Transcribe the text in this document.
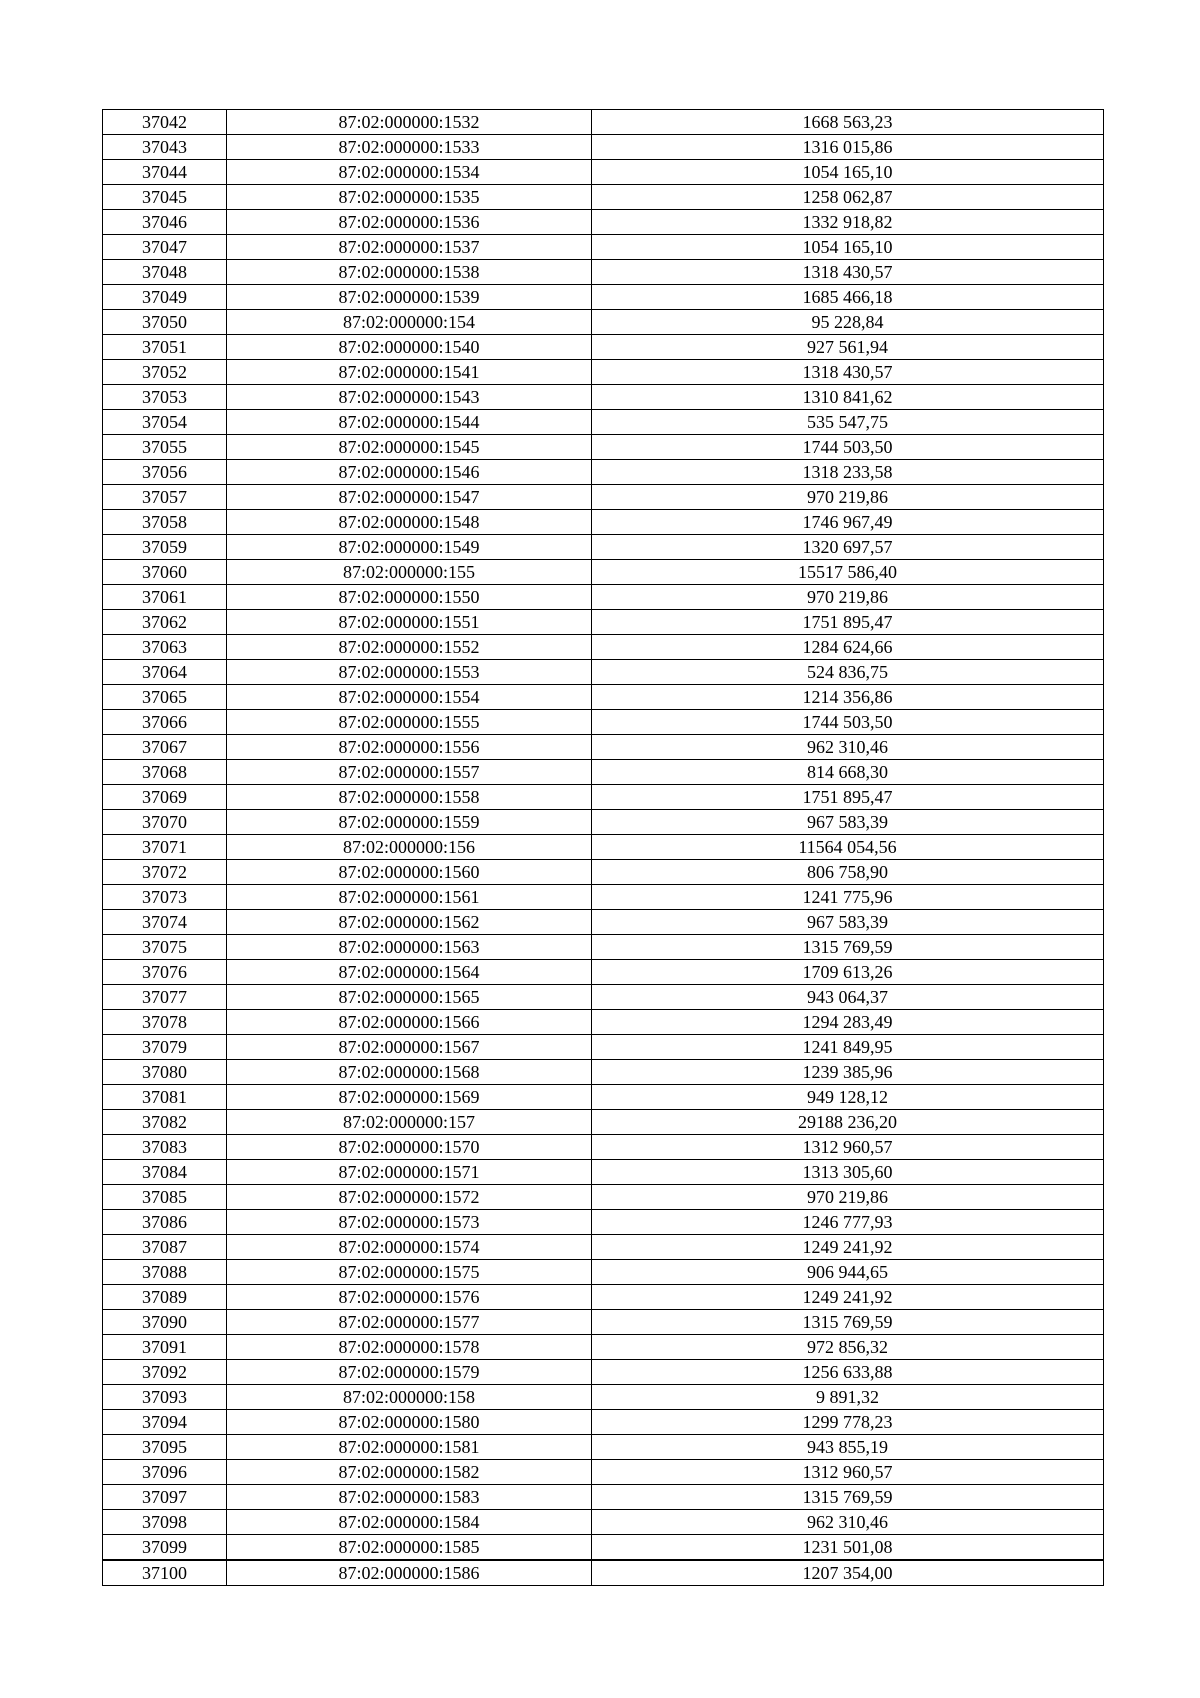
37042	87:02:000000:1532	1668 563,23
37043	87:02:000000:1533	1316 015,86
37044	87:02:000000:1534	1054 165,10
37045	87:02:000000:1535	1258 062,87
37046	87:02:000000:1536	1332 918,82
37047	87:02:000000:1537	1054 165,10
37048	87:02:000000:1538	1318 430,57
37049	87:02:000000:1539	1685 466,18
37050	87:02:000000:154	95 228,84
37051	87:02:000000:1540	927 561,94
37052	87:02:000000:1541	1318 430,57
37053	87:02:000000:1543	1310 841,62
37054	87:02:000000:1544	535 547,75
37055	87:02:000000:1545	1744 503,50
37056	87:02:000000:1546	1318 233,58
37057	87:02:000000:1547	970 219,86
37058	87:02:000000:1548	1746 967,49
37059	87:02:000000:1549	1320 697,57
37060	87:02:000000:155	15517 586,40
37061	87:02:000000:1550	970 219,86
37062	87:02:000000:1551	1751 895,47
37063	87:02:000000:1552	1284 624,66
37064	87:02:000000:1553	524 836,75
37065	87:02:000000:1554	1214 356,86
37066	87:02:000000:1555	1744 503,50
37067	87:02:000000:1556	962 310,46
37068	87:02:000000:1557	814 668,30
37069	87:02:000000:1558	1751 895,47
37070	87:02:000000:1559	967 583,39
37071	87:02:000000:156	11564 054,56
37072	87:02:000000:1560	806 758,90
37073	87:02:000000:1561	1241 775,96
37074	87:02:000000:1562	967 583,39
37075	87:02:000000:1563	1315 769,59
37076	87:02:000000:1564	1709 613,26
37077	87:02:000000:1565	943 064,37
37078	87:02:000000:1566	1294 283,49
37079	87:02:000000:1567	1241 849,95
37080	87:02:000000:1568	1239 385,96
37081	87:02:000000:1569	949 128,12
37082	87:02:000000:157	29188 236,20
37083	87:02:000000:1570	1312 960,57
37084	87:02:000000:1571	1313 305,60
37085	87:02:000000:1572	970 219,86
37086	87:02:000000:1573	1246 777,93
37087	87:02:000000:1574	1249 241,92
37088	87:02:000000:1575	906 944,65
37089	87:02:000000:1576	1249 241,92
37090	87:02:000000:1577	1315 769,59
37091	87:02:000000:1578	972 856,32
37092	87:02:000000:1579	1256 633,88
37093	87:02:000000:158	9 891,32
37094	87:02:000000:1580	1299 778,23
37095	87:02:000000:1581	943 855,19
37096	87:02:000000:1582	1312 960,57
37097	87:02:000000:1583	1315 769,59
37098	87:02:000000:1584	962 310,46
37099	87:02:000000:1585	1231 501,08
37100	87:02:000000:1586	1207 354,00
